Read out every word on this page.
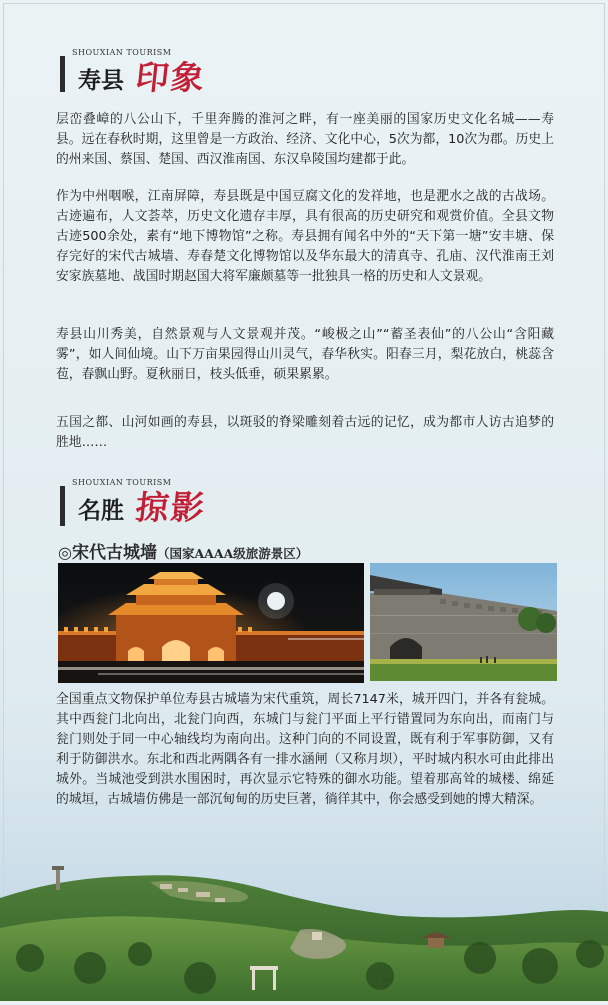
SHOUXIAN TOURISM
寿县 印象
层峦叠嶂的八公山下，千里奔腾的淮河之畔，有一座美丽的国家历史文化名城——寿县。远在春秋时期，这里曾是一方政治、经济、文化中心，5次为都，10次为郡。历史上的州来国、蔡国、楚国、西汉淮南国、东汉阜陵国均建都于此。
作为中州咽喉，江南屏障，寿县既是中国豆腐文化的发祥地，也是淝水之战的古战场。古迹遍布，人文荟萃，历史文化遗存丰厚，具有很高的历史研究和观赏价值。全县文物古迹500余处，素有“地下博物馆”之称。寿县拥有闻名中外的“天下第一塘”安丰塘、保存完好的宋代古城墙、寿春楚文化博物馆以及华东最大的清真寺、孔庙、汉代淮南王刘安家族墓地、战国时期赵国大将军廉颇墓等一批独具一格的历史和人文景观。
寿县山川秀美，自然景观与人文景观并茂。“峻极之山”“蓄圣表仙”的八公山“含阳藏雾”，如人间仙境。山下万亩果园得山川灵气，春华秋实。阳春三月，梨花放白，桃蕊含苞，春飘山野。夏秋丽日，枝头低垂，硕果累累。
五国之都、山河如画的寿县，以斑驳的脊梁雕刻着古远的记忆，成为都市人访古追梦的胜地……
SHOUXIAN TOURISM
名胜 掠影
◎宋代古城墙（国家AAAA级旅游景区）
全国重点文物保护单位寿县古城墙为宋代重筑，周长7147米，城开四门，并各有瓮城。其中西瓮门北向出，北瓮门向西，东城门与瓮门平面上平行错置同为东向出，而南门与瓮门则处于同一中心轴线均为南向出。这种门向的不同设置，既有利于军事防御，又有利于防御洪水。东北和西北两隅各有一排水涵闸（又称月坝），平时城内积水可由此排出城外。当城池受到洪水围困时，再次显示它特殊的御水功能。望着那高耸的城楼、绵延的城垣，古城墙仿佛是一部沉甸甸的历史巨著，徜徉其中，你会感受到她的博大精深。
